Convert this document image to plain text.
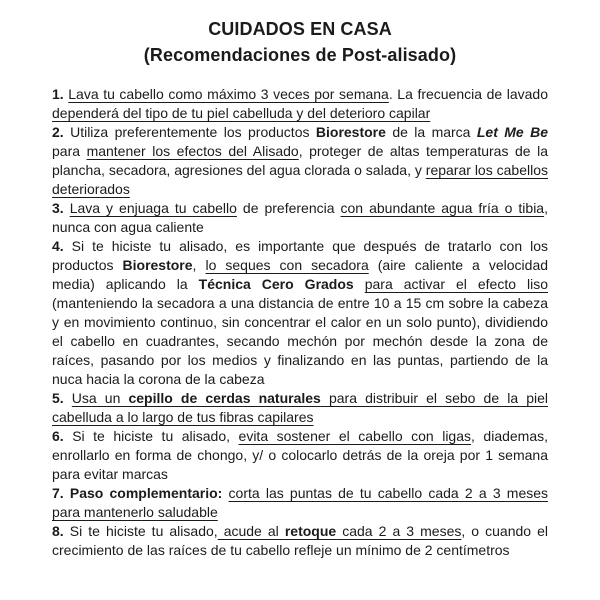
CUIDADOS EN CASA
(Recomendaciones de Post-alisado)

1. Lava tu cabello como máximo 3 veces por semana. La frecuencia de lavado dependerá del tipo de tu piel cabelluda y del deterioro capilar

2. Utiliza preferentemente los productos Biorestore de la marca Let Me Be para mantener los efectos del Alisado, proteger de altas temperaturas de la plancha, secadora, agresiones del agua clorada o salada, y reparar los cabellos deteriorados

3. Lava y enjuaga tu cabello de preferencia con abundante agua fría o tibia, nunca con agua caliente

4. Si te hiciste tu alisado, es importante que después de tratarlo con los productos Biorestore, lo seques con secadora (aire caliente a velocidad media) aplicando la Técnica Cero Grados para activar el efecto liso (manteniendo la secadora a una distancia de entre 10 a 15 cm sobre la cabeza y en movimiento continuo, sin concentrar el calor en un solo punto), dividiendo el cabello en cuadrantes, secando mechón por mechón desde la zona de raíces, pasando por los medios y finalizando en las puntas, partiendo de la nuca hacia la corona de la cabeza

5. Usa un cepillo de cerdas naturales para distribuir el sebo de la piel cabelluda a lo largo de tus fibras capilares

6. Si te hiciste tu alisado, evita sostener el cabello con ligas, diademas, enrollarlo en forma de chongo, y/ o colocarlo detrás de la oreja por 1 semana para evitar marcas

7. Paso complementario: corta las puntas de tu cabello cada 2 a 3 meses para mantenerlo saludable

8. Si te hiciste tu alisado, acude al retoque cada 2 a 3 meses, o cuando el crecimiento de las raíces de tu cabello refleje un mínimo de 2 centímetros
